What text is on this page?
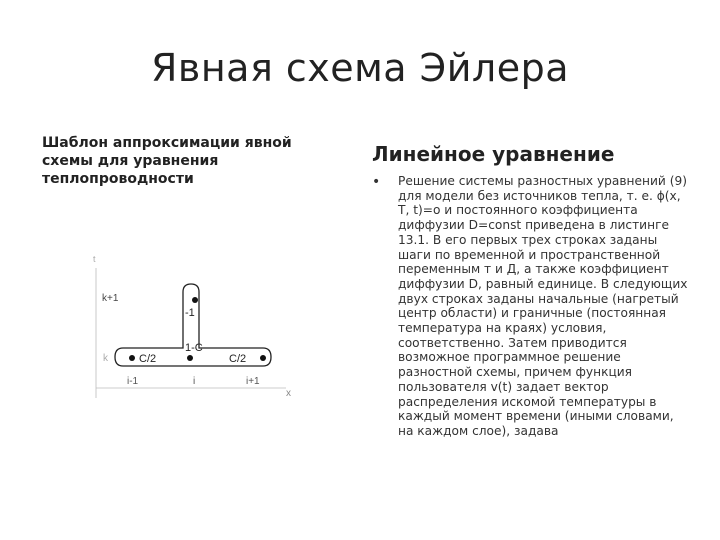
Явная схема Эйлера
Шаблон аппроксимации явной схемы для уравнения теплопроводности
t
x
k+1
k
-1
1-C
C/2	C/2
i-1	i	i+1
Линейное уравнение
• Решение системы разностных уравнений (9) для модели без источников тепла, т. е. ϕ(x, T, t)=o и постоянного коэффициента диффузии D=const приведена в листинге 13.1. В его первых трех строках заданы шаги по временной и пространственной переменным т и Д, а также коэффициент диффузии D, равный единице. В следующих двух строках заданы начальные (нагретый центр области) и граничные (постоянная температура на краях) условия, соответственно. Затем приводится возможное программное решение разностной схемы, причем функция пользователя v(t) задает вектор распределения искомой температуры в каждый момент времени (иными словами, на каждом слое), задава
